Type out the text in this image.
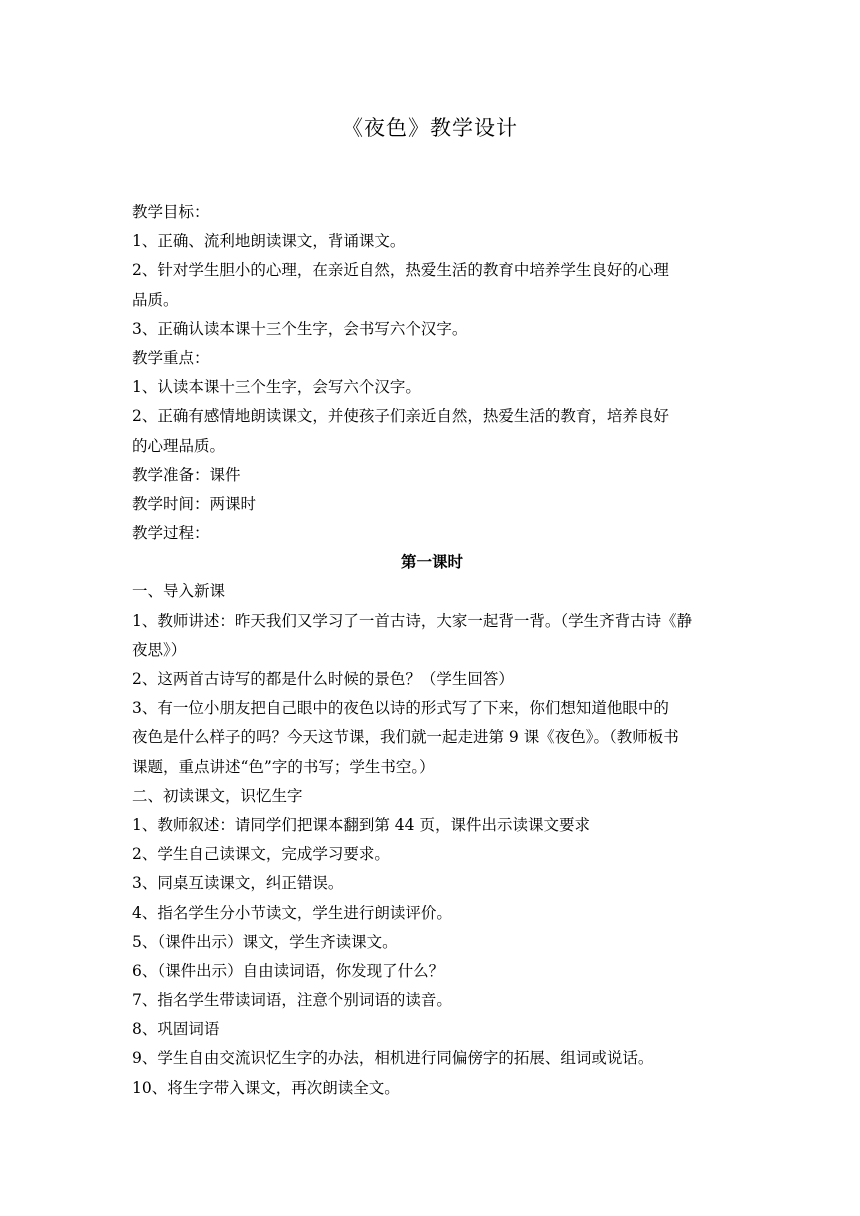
《夜色》教学设计
教学目标：
1、正确、流利地朗读课文，背诵课文。
2、针对学生胆小的心理，在亲近自然，热爱生活的教育中培养学生良好的心理
品质。
3、正确认读本课十三个生字，会书写六个汉字。
教学重点：
1、认读本课十三个生字，会写六个汉字。
2、正确有感情地朗读课文，并使孩子们亲近自然，热爱生活的教育，培养良好
的心理品质。
教学准备：课件
教学时间：两课时
教学过程：
第一课时
一、导入新课
1、教师讲述：昨天我们又学习了一首古诗，大家一起背一背。（学生齐背古诗《静
夜思》）
2、这两首古诗写的都是什么时候的景色？（学生回答）
3、有一位小朋友把自己眼中的夜色以诗的形式写了下来，你们想知道他眼中的
夜色是什么样子的吗？今天这节课，我们就一起走进第 9 课《夜色》。（教师板书
课题，重点讲述“色”字的书写；学生书空。）
二、初读课文，识忆生字
1、教师叙述：请同学们把课本翻到第 44 页，课件出示读课文要求
2、学生自己读课文，完成学习要求。
3、同桌互读课文，纠正错误。
4、指名学生分小节读文，学生进行朗读评价。
5、（课件出示）课文，学生齐读课文。
6、（课件出示）自由读词语，你发现了什么？
7、指名学生带读词语，注意个别词语的读音。
8、巩固词语
9、学生自由交流识忆生字的办法，相机进行同偏傍字的拓展、组词或说话。
10、将生字带入课文，再次朗读全文。
